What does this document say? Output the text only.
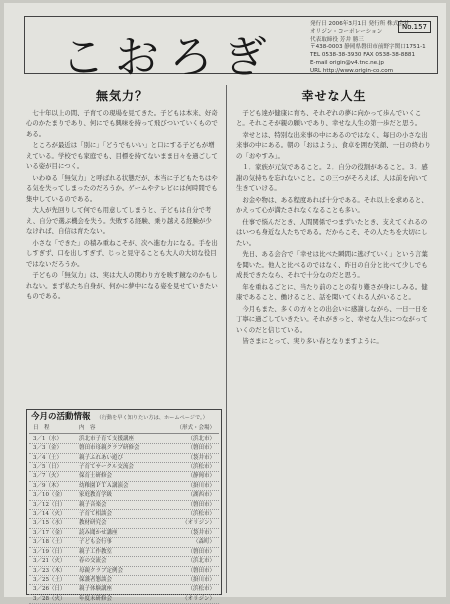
こおろぎ
発行日 2006年3月1日 発行所 株式会社
オリジン・コーポレーション
代表取締役 芳井 勝三
〒438-0003 静岡県磐田市前野字関口1751-1
TEL 0538-38-3930 FAX 0538-38-8881
E-mail origin@v4.tnc.ne.jp
URL http://www.origin-co.com
No.157
無気力？

七十年以上の間、子育ての現場を見てきた。子どもは本来、好奇心のかたまりであり、何にでも興味を持って飛びついていくものである。

ところが最近は「別に」「どうでもいい」と口にする子どもが増えている。学校でも家庭でも、目標を持てないまま日々を過ごしている姿が目につく。

いわゆる「無気力」と呼ばれる状態だが、本当に子どもたちはやる気を失ってしまったのだろうか。ゲームやテレビには何時間でも集中しているのである。

大人が先回りして何でも用意してしまうと、子どもは自分で考え、自分で選ぶ機会を失う。失敗する経験、乗り越える経験が少なければ、自信は育たない。

小さな「できた」の積み重ねこそが、次へ進む力になる。手を出しすぎず、口を出しすぎず、じっと見守ることも大人の大切な役目ではないだろうか。

子どもの「無気力」は、実は大人の関わり方を映す鏡なのかもしれない。まず私たち自身が、何かに夢中になる姿を見せていきたいものである。

幸せな人生

子ども達が健康に育ち、それぞれの夢に向かって歩んでいくこと。それこそが親の願いであり、幸せな人生の第一歩だと思う。

幸せとは、特別な出来事の中にあるのではなく、毎日の小さな出来事の中にある。朝の「おはよう」、食卓を囲む笑顔、一日の終わりの「おやすみ」。

１．家族が元気であること。２．自分の役割があること。３．感謝の気持ちを忘れないこと。この三つがそろえば、人は前を向いて生きていける。

お金や物は、ある程度あれば十分である。それ以上を求めると、かえって心が満たされなくなることも多い。

仕事で悩んだとき、人間関係でつまずいたとき、支えてくれるのはいつも身近な人たちである。だからこそ、その人たちを大切にしたい。

先日、ある会合で「幸せは比べた瞬間に逃げていく」という言葉を聞いた。他人と比べるのではなく、昨日の自分と比べて少しでも成長できたなら、それで十分なのだと思う。

年を重ねるごとに、当たり前のことの有り難さが身にしみる。健康であること、働けること、話を聞いてくれる人がいること。

今月もまた、多くの方々との出会いに感謝しながら、一日一日を丁寧に過ごしていきたい。それがきっと、幸せな人生につながっていくのだと信じている。

皆さまにとって、実り多い春となりますように。

今月の活動情報 （行動を早く知りたい方は、ホームページで。）
日　程	内　容	（形式・会場）
3／1（水）	浜北市子育て支援講座	（浜北市）
3／3（金）	磐田市母親クラブ研修会	（磐田市）
3／4（土）	親子ふれあい遊び	（袋井市）
3／5（日）	子育てサークル交流会	（浜松市）
3／7（火）	保育士研修会	（静岡市）
3／9（木）	幼稚園ＰＴＡ講演会	（掛川市）
3／10（金）	家庭教育学級	（湖西市）
3／12（日）	親子音楽会	（磐田市）
3／14（火）	子育て相談会	（浜松市）
3／15（水）	教材研究会	（オリジン）
3／17（金）	読み聞かせ講座	（袋井市）
3／18（土）	子ども会行事	（森町）
3／19（日）	親子工作教室	（磐田市）
3／21（火）	春の交流会	（浜北市）
3／23（木）	母親クラブ定例会	（磐田市）
3／25（土）	保護者懇談会	（掛川市）
3／26（日）	親子体験講座	（浜松市）
3／28（火）	年度末研修会	（オリジン）
